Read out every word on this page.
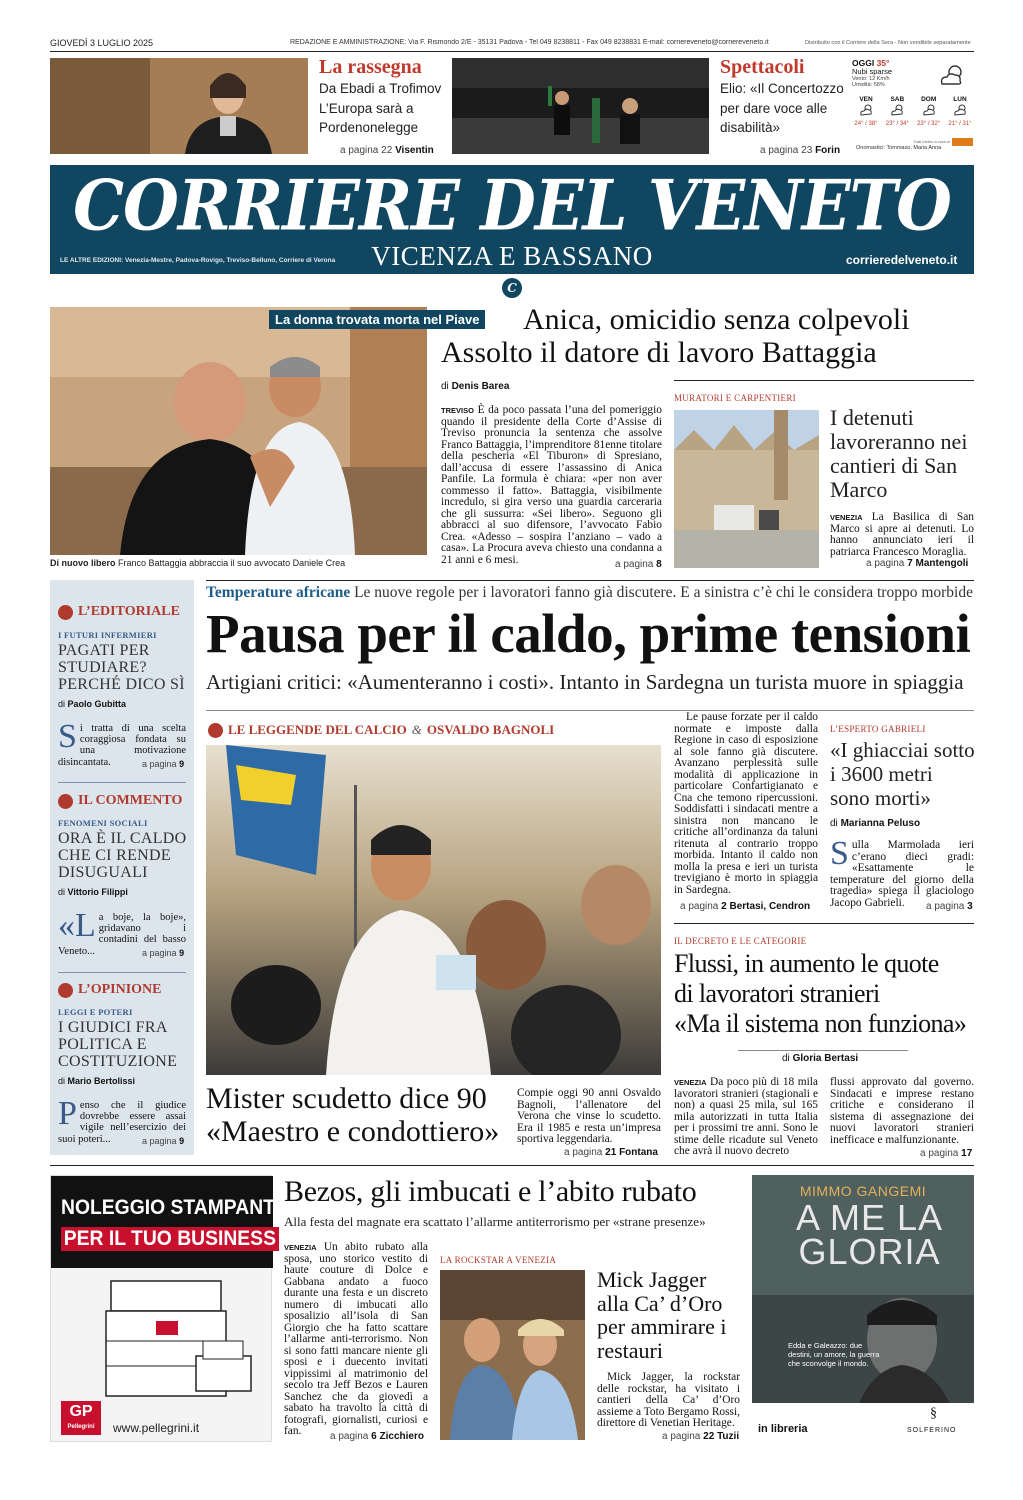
GIOVEDÌ 3 LUGLIO 2025	REDAZIONE E AMMINISTRAZIONE: Via F. Rismondo 2/E - 35131 Padova - Tel 049 8238811 - Fax 049 8238831 E-mail: corriereveneto@corriereveneto.it	Distribuito con il Corriere della Sera - Non vendibile separatamente
La rassegna
Da Ebadi a Trofimov L’Europa sarà a Pordenonelegge
a pagina 22 Visentin
Spettacoli
Elio: «Il Concertozzo per dare voce alle disabilità»
a pagina 23 Forin
OGGI 35°
Nubi sparse
Vento: 12 Km/h
Umidità: 58%
VEN
24° / 38°
SAB
23° / 34°
DOM
23° / 32°
LUN
21° / 31°
Dati meteo a cura di
Onomastici: Tommaso, Maria Anna
CORRIERE DEL VENETO
VICENZA E BASSANO
LE ALTRE EDIZIONI: Venezia-Mestre, Padova-Rovigo, Treviso-Belluno, Corriere di Verona	corrieredelveneto.it
C
Di nuovo libero Franco Battaggia abbraccia il suo avvocato Daniele Crea
La donna trovata morta nel Piave Anica, omicidio senza colpevoli
Assolto il datore di lavoro Battaggia
di Denis Barea
TREVISO È da poco passata l’una del pomeriggio quando il presidente della Corte d’Assise di Treviso pronuncia la sentenza che assolve Franco Battaggia, l’imprenditore 81enne titolare della pescheria «El Tiburon» di Spresiano, dall’accusa di essere l’assassino di Anica Panfile. La formula è chiara: «per non aver commesso il fatto». Battaggia, visibilmente incredulo, si gira verso una guardia carceraria che gli sussurra: «Sei libero». Seguono gli abbracci al suo difensore, l’avvocato Fabio Crea. «Adesso – sospira l’anziano – vado a casa». La Procura aveva chiesto una condanna a 21 anni e 6 mesi.	a pagina 8
MURATORI E CARPENTIERI
I detenuti lavoreranno nei cantieri di San Marco
VENEZIA La Basilica di San Marco si apre ai detenuti. Lo hanno annunciato ieri il patriarca Francesco Moraglia.
a pagina 7 Mantengoli
L’EDITORIALE
I FUTURI INFERMIERI
PAGATI PER STUDIARE? PERCHÉ DICO SÌ
di Paolo Gubitta
Si tratta di una scelta coraggiosa fondata su una motivazione disincantata.	a pagina 9
IL COMMENTO
FENOMENI SOCIALI
ORA È IL CALDO CHE CI RENDE DISUGUALI
di Vittorio Filippi
«La boje, la boje», gridavano i contadini del basso Veneto...	a pagina 9
L’OPINIONE
LEGGI E POTERI
I GIUDICI FRA POLITICA E COSTITUZIONE
di Mario Bertolissi
Penso che il giudice dovrebbe essere assai vigile nell’esercizio dei suoi poteri...	a pagina 9
Temperature africane Le nuove regole per i lavoratori fanno già discutere. E a sinistra c’è chi le considera troppo morbide
Pausa per il caldo, prime tensioni
Artigiani critici: «Aumenteranno i costi». Intanto in Sardegna un turista muore in spiaggia
LE LEGGENDE DEL CALCIO & OSVALDO BAGNOLI
Mister scudetto dice 90
«Maestro e condottiero»
Compie oggi 90 anni Osvaldo Bagnoli, l’allenatore del Verona che vinse lo scudetto. Era il 1985 e resta un’impresa sportiva leggendaria.
a pagina 21 Fontana
Le pause forzate per il caldo normate e imposte dalla Regione in caso di esposizione al sole fanno già discutere. Avanzano perplessità sulle modalità di applicazione in particolare Confartigianato e Cna che temono ripercussioni. Soddisfatti i sindacati mentre a sinistra non mancano le critiche all’ordinanza da taluni ritenuta al contrario troppo morbida. Intanto il caldo non molla la presa e ieri un turista trevigiano è morto in spiaggia in Sardegna.
a pagina 2 Bertasi, Cendron
L’ESPERTO GABRIELI
«I ghiacciai sotto i 3600 metri sono morti»
di Marianna Peluso
Sulla Marmolada ieri c’erano dieci gradi: «Esattamente le temperature del giorno della tragedia» spiega il glaciologo Jacopo Gabrieli.	a pagina 3
IL DECRETO E LE CATEGORIE
Flussi, in aumento le quote
di lavoratori stranieri
«Ma il sistema non funziona»
di Gloria Bertasi
VENEZIA Da poco più di 18 mila lavoratori stranieri (stagionali e non) a quasi 25 mila, sul 165 mila autorizzati in tutta Italia per i prossimi tre anni. Sono le stime delle ricadute sul Veneto che avrà il nuovo decreto
flussi approvato dal governo. Sindacati e imprese restano critiche e considerano il sistema di assegnazione dei nuovi lavoratori stranieri inefficace e malfunzionante.
a pagina 17
NOLEGGIO STAMPANTI
PER IL TUO BUSINESS
GP
Pellegrini	www.pellegrini.it
Bezos, gli imbucati e l’abito rubato
Alla festa del magnate era scattato l’allarme antiterrorismo per «strane presenze»
VENEZIA Un abito rubato alla sposa, uno storico vestito di haute couture di Dolce e Gabbana andato a fuoco durante una festa e un discreto numero di imbucati allo sposalizio all’isola di San Giorgio che ha fatto scattare l’allarme anti-terrorismo. Non si sono fatti mancare niente gli sposi e i duecento invitati vippissimi al matrimonio del secolo tra Jeff Bezos e Lauren Sanchez che da giovedì a sabato ha travolto la città di fotografi, giornalisti, curiosi e fan.	a pagina 6 Zicchiero
LA ROCKSTAR A VENEZIA
Mick Jagger alla Ca’ d’Oro per ammirare i restauri
Mick Jagger, la rockstar delle rockstar, ha visitato i cantieri della Ca’ d’Oro assieme a Toto Bergamo Rossi, direttore di Venetian Heritage.
a pagina 22 Tuzii
MIMMO GANGEMI
A ME LA GLORIA
Edda e Galeazzo: due destini, un amore, la guerra che sconvolge il mondo.
in libreria	SOLFERINO
§
